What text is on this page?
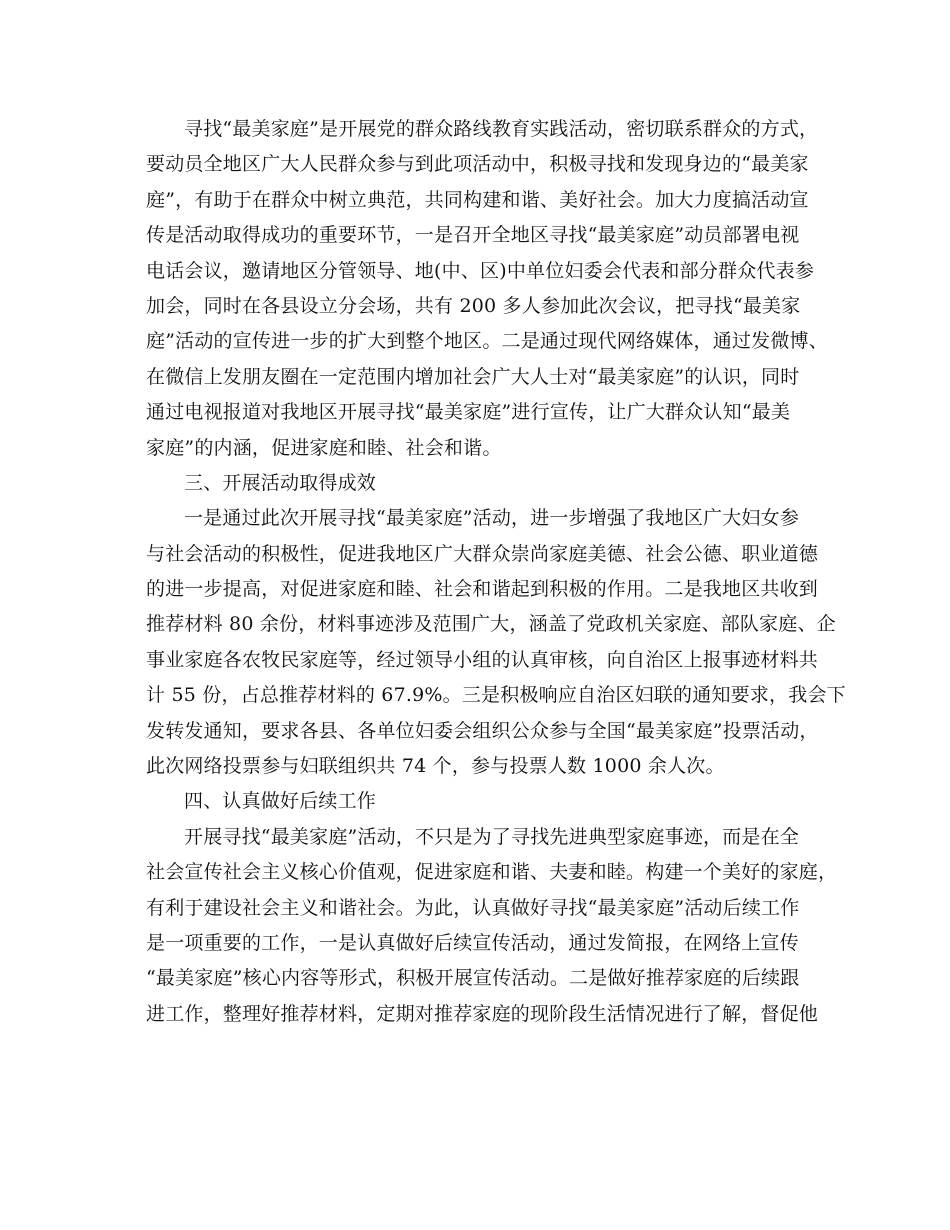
寻找“最美家庭”是开展党的群众路线教育实践活动，密切联系群众的方式，
要动员全地区广大人民群众参与到此项活动中，积极寻找和发现身边的“最美家
庭”，有助于在群众中树立典范，共同构建和谐、美好社会。加大力度搞活动宣
传是活动取得成功的重要环节，一是召开全地区寻找“最美家庭”动员部署电视
电话会议，邀请地区分管领导、地(中、区)中单位妇委会代表和部分群众代表参
加会，同时在各县设立分会场，共有 200 多人参加此次会议，把寻找“最美家
庭”活动的宣传进一步的扩大到整个地区。二是通过现代网络媒体，通过发微博、
在微信上发朋友圈在一定范围内增加社会广大人士对“最美家庭”的认识，同时
通过电视报道对我地区开展寻找“最美家庭”进行宣传，让广大群众认知“最美
家庭”的内涵，促进家庭和睦、社会和谐。
三、开展活动取得成效
一是通过此次开展寻找“最美家庭”活动，进一步增强了我地区广大妇女参
与社会活动的积极性，促进我地区广大群众崇尚家庭美德、社会公德、职业道德
的进一步提高，对促进家庭和睦、社会和谐起到积极的作用。二是我地区共收到
推荐材料 80 余份，材料事迹涉及范围广大，涵盖了党政机关家庭、部队家庭、企
事业家庭各农牧民家庭等，经过领导小组的认真审核，向自治区上报事迹材料共
计 55 份，占总推荐材料的 67.9%。三是积极响应自治区妇联的通知要求，我会下
发转发通知，要求各县、各单位妇委会组织公众参与全国“最美家庭”投票活动，
此次网络投票参与妇联组织共 74 个，参与投票人数 1000 余人次。
四、认真做好后续工作
开展寻找“最美家庭”活动，不只是为了寻找先进典型家庭事迹，而是在全
社会宣传社会主义核心价值观，促进家庭和谐、夫妻和睦。构建一个美好的家庭，
有利于建设社会主义和谐社会。为此，认真做好寻找“最美家庭”活动后续工作
是一项重要的工作，一是认真做好后续宣传活动，通过发简报，在网络上宣传
“最美家庭”核心内容等形式，积极开展宣传活动。二是做好推荐家庭的后续跟
进工作，整理好推荐材料，定期对推荐家庭的现阶段生活情况进行了解，督促他
